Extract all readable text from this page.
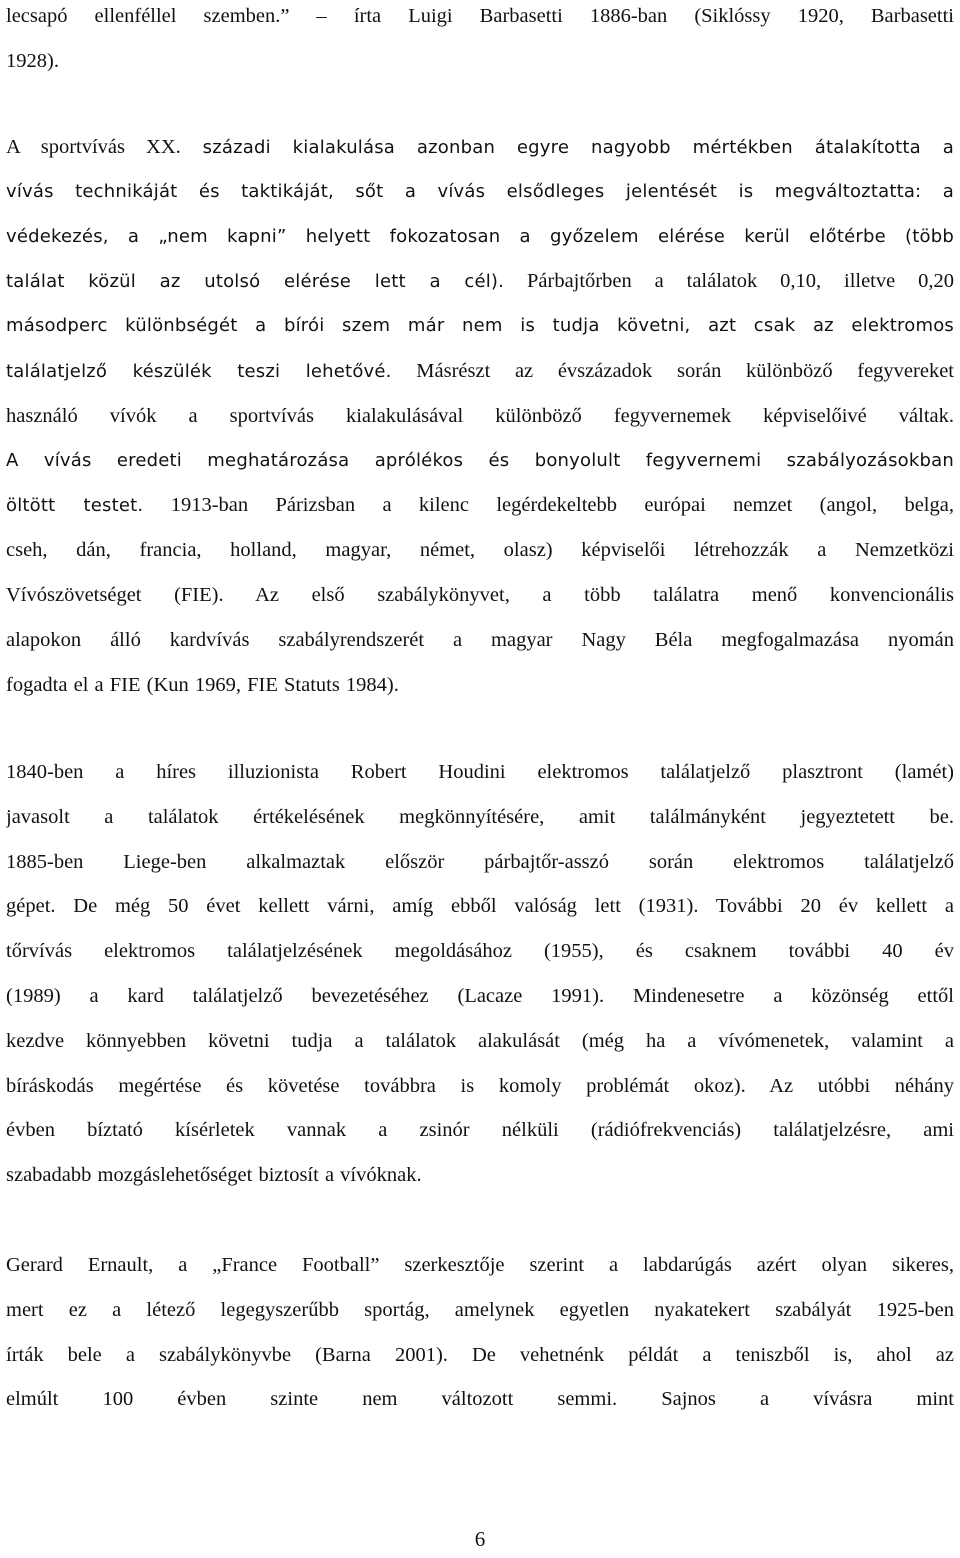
lecsapó ellenféllel szemben.” – írta Luigi Barbasetti 1886-ban (Siklóssy 1920, Barbasetti
1928).
A sportvívás XX. századi kialakulása azonban egyre nagyobb mértékben átalakította a
vívás technikáját és taktikáját, sőt a vívás elsődleges jelentését is megváltoztatta: a
védekezés, a „nem kapni” helyett fokozatosan a győzelem elérése kerül előtérbe (több
találat közül az utolsó elérése lett a cél). Párbajtőrben a találatok 0,10, illetve 0,20
másodperc különbségét a bírói szem már nem is tudja követni, azt csak az elektromos
találatjelző készülék teszi lehetővé. Másrészt az évszázadok során különböző fegyvereket
használó vívók a sportvívás kialakulásával különböző fegyvernemek képviselőivé váltak.
A vívás eredeti meghatározása aprólékos és bonyolult fegyvernemi szabályozásokban
öltött testet. 1913-ban Párizsban a kilenc legérdekeltebb európai nemzet (angol, belga,
cseh, dán, francia, holland, magyar, német, olasz) képviselői létrehozzák a Nemzetközi
Vívószövetséget (FIE). Az első szabálykönyvet, a több találatra menő konvencionális
alapokon álló kardvívás szabályrendszerét a magyar Nagy Béla megfogalmazása nyomán
fogadta el a FIE (Kun 1969, FIE Statuts 1984).
1840-ben a híres illuzionista Robert Houdini elektromos találatjelző plasztront (lamét)
javasolt a találatok értékelésének megkönnyítésére, amit találmányként jegyeztetett be.
1885-ben Liege-ben alkalmaztak először párbajtőr-asszó során elektromos találatjelző
gépet. De még 50 évet kellett várni, amíg ebből valóság lett (1931). További 20 év kellett a
tőrvívás elektromos találatjelzésének megoldásához (1955), és csaknem további 40 év
(1989) a kard találatjelző bevezetéséhez (Lacaze 1991). Mindenesetre a közönség ettől
kezdve könnyebben követni tudja a találatok alakulását (még ha a vívómenetek, valamint a
bíráskodás megértése és követése továbbra is komoly problémát okoz). Az utóbbi néhány
évben bíztató kísérletek vannak a zsinór nélküli (rádiófrekvenciás) találatjelzésre, ami
szabadabb mozgáslehetőséget biztosít a vívóknak.
Gerard Ernault, a „France Football” szerkesztője szerint a labdarúgás azért olyan sikeres,
mert ez a létező legegyszerűbb sportág, amelynek egyetlen nyakatekert szabályát 1925-ben
írták bele a szabálykönyvbe (Barna 2001). De vehetnénk példát a teniszből is, ahol az
elmúlt 100 évben szinte nem változott semmi. Sajnos a vívásra mint
6
